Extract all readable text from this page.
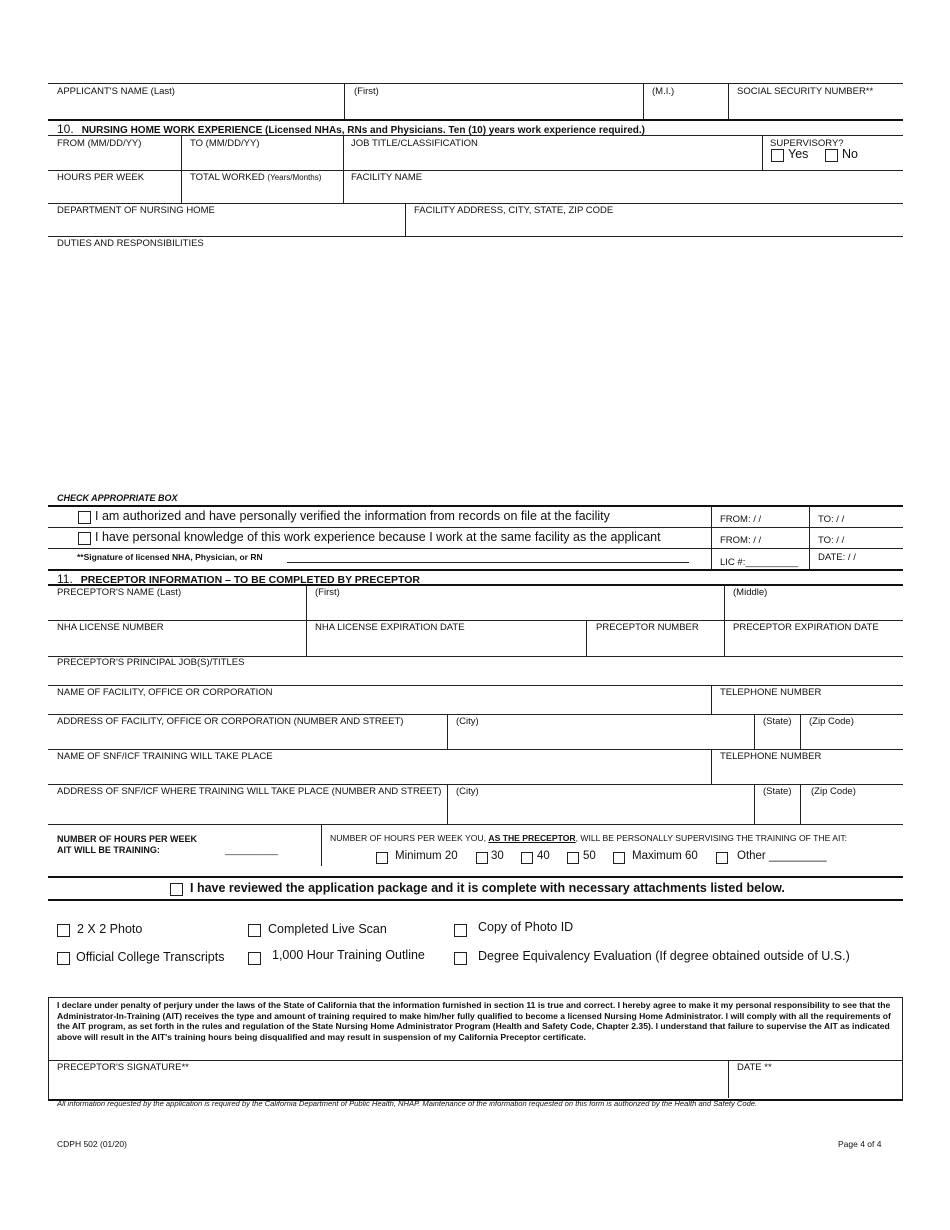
APPLICANT'S NAME (Last)	(First)	(M.I.)	SOCIAL SECURITY NUMBER**
10. NURSING HOME WORK EXPERIENCE (Licensed NHAs, RNs and Physicians. Ten (10) years work experience required.)
FROM (MM/DD/YY)	TO (MM/DD/YY)	JOB TITLE/CLASSIFICATION	SUPERVISORY?
Yes	No
HOURS PER WEEK	TOTAL WORKED (Years/Months)	FACILITY NAME
DEPARTMENT OF NURSING HOME	FACILITY ADDRESS, CITY, STATE, ZIP CODE
DUTIES AND RESPONSIBILITIES
CHECK APPROPRIATE BOX
I am authorized and have personally verified the information from records on file at the facility	FROM: / /	TO: / /
I have personal knowledge of this work experience because I work at the same facility as the applicant	FROM: / /	TO: / /
**Signature of licensed NHA, Physician, or RN	LIC #:__________ DATE: / /
11. PRECEPTOR INFORMATION – TO BE COMPLETED BY PRECEPTOR
PRECEPTOR'S NAME (Last)	(First)	(Middle)
NHA LICENSE NUMBER	NHA LICENSE EXPIRATION DATE	PRECEPTOR NUMBER	PRECEPTOR EXPIRATION DATE
PRECEPTOR'S PRINCIPAL JOB(S)/TITLES
NAME OF FACILITY, OFFICE OR CORPORATION	TELEPHONE NUMBER
ADDRESS OF FACILITY, OFFICE OR CORPORATION (NUMBER AND STREET)	(City)	(State) (Zip Code)
NAME OF SNF/ICF TRAINING WILL TAKE PLACE	TELEPHONE NUMBER
ADDRESS OF SNF/ICF WHERE TRAINING WILL TAKE PLACE (NUMBER AND STREET) (City)	(State) (Zip Code)
NUMBER OF HOURS PER WEEK
AIT WILL BE TRAINING:	__________
NUMBER OF HOURS PER WEEK YOU, AS THE PRECEPTOR, WILL BE PERSONALLY SUPERVISING THE TRAINING OF THE AIT:
Minimum 20	30	40	50	Maximum 60	Other _________
I have reviewed the application package and it is complete with necessary attachments listed below.
2 X 2 Photo	Completed Live Scan	Copy of Photo ID
Official College Transcripts	1,000 Hour Training Outline	Degree Equivalency Evaluation (If degree obtained outside of U.S.)
I declare under penalty of perjury under the laws of the State of California that the information furnished in section 11 is true and correct. I hereby agree to make it my personal responsibility to see that the Administrator-In-Training (AIT) receives the type and amount of training required to make him/her fully qualified to become a licensed Nursing Home Administrator. I will comply with all the requirements of the AIT program, as set forth in the rules and regulation of the State Nursing Home Administrator Program (Health and Safety Code, Chapter 2.35). I understand that failure to supervise the AIT as indicated above will result in the AIT's training hours being disqualified and may result in suspension of my California Preceptor certificate.
PRECEPTOR'S SIGNATURE**	DATE **
All information requested by the application is required by the California Department of Public Health, NHAP. Maintenance of the information requested on this form is authorized by the Health and Safety Code.
CDPH 502 (01/20)	Page 4 of 4
